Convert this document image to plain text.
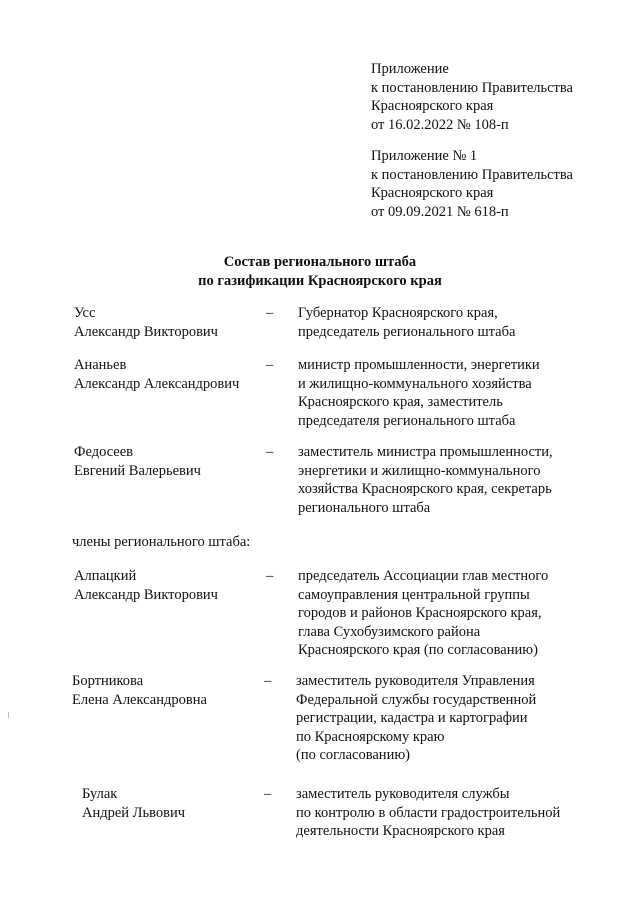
Приложение
к постановлению Правительства
Красноярского края
от 16.02.2022 № 108-п
Приложение № 1
к постановлению Правительства
Красноярского края
от 09.09.2021 № 618-п
Состав регионального штаба
по газификации Красноярского края
Усс
Александр Викторович
– Губернатор Красноярского края,
председатель регионального штаба
Ананьев
Александр Александрович
– министр промышленности, энергетики
и жилищно-коммунального хозяйства
Красноярского края, заместитель
председателя регионального штаба
Федосеев
Евгений Валерьевич
– заместитель министра промышленности,
энергетики и жилищно-коммунального
хозяйства Красноярского края, секретарь
регионального штаба
члены регионального штаба:
Алпацкий
Александр Викторович
– председатель Ассоциации глав местного
самоуправления центральной группы
городов и районов Красноярского края,
глава Сухобузимского района
Красноярского края (по согласованию)
Бортникова
Елена Александровна
– заместитель руководителя Управления
Федеральной службы государственной
регистрации, кадастра и картографии
по Красноярскому краю
(по согласованию)
Булак
Андрей Львович
– заместитель руководителя службы
по контролю в области градостроительной
деятельности Красноярского края
